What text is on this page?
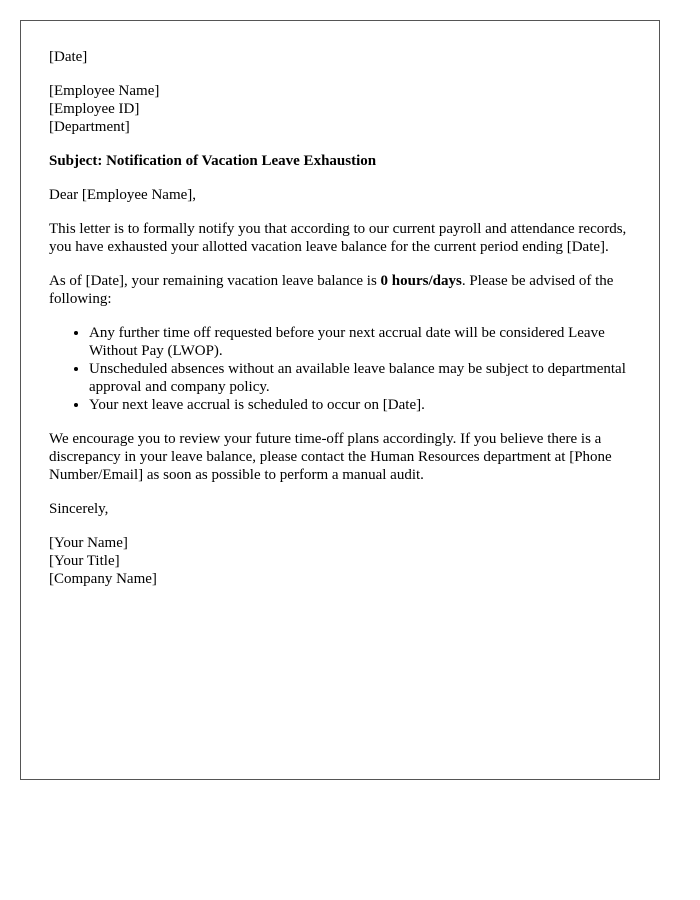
[Date]
[Employee Name]
[Employee ID]
[Department]
Subject: Notification of Vacation Leave Exhaustion
Dear [Employee Name],

This letter is to formally notify you that according to our current payroll and attendance records, you have exhausted your allotted vacation leave balance for the current period ending [Date].

As of [Date], your remaining vacation leave balance is 0 hours/days. Please be advised of the following:

• Any further time off requested before your next accrual date will be considered Leave Without Pay (LWOP).
• Unscheduled absences without an available leave balance may be subject to departmental approval and company policy.
• Your next leave accrual is scheduled to occur on [Date].

We encourage you to review your future time-off plans accordingly. If you believe there is a discrepancy in your leave balance, please contact the Human Resources department at [Phone Number/Email] as soon as possible to perform a manual audit.

Sincerely,
[Your Name]
[Your Title]
[Company Name]
